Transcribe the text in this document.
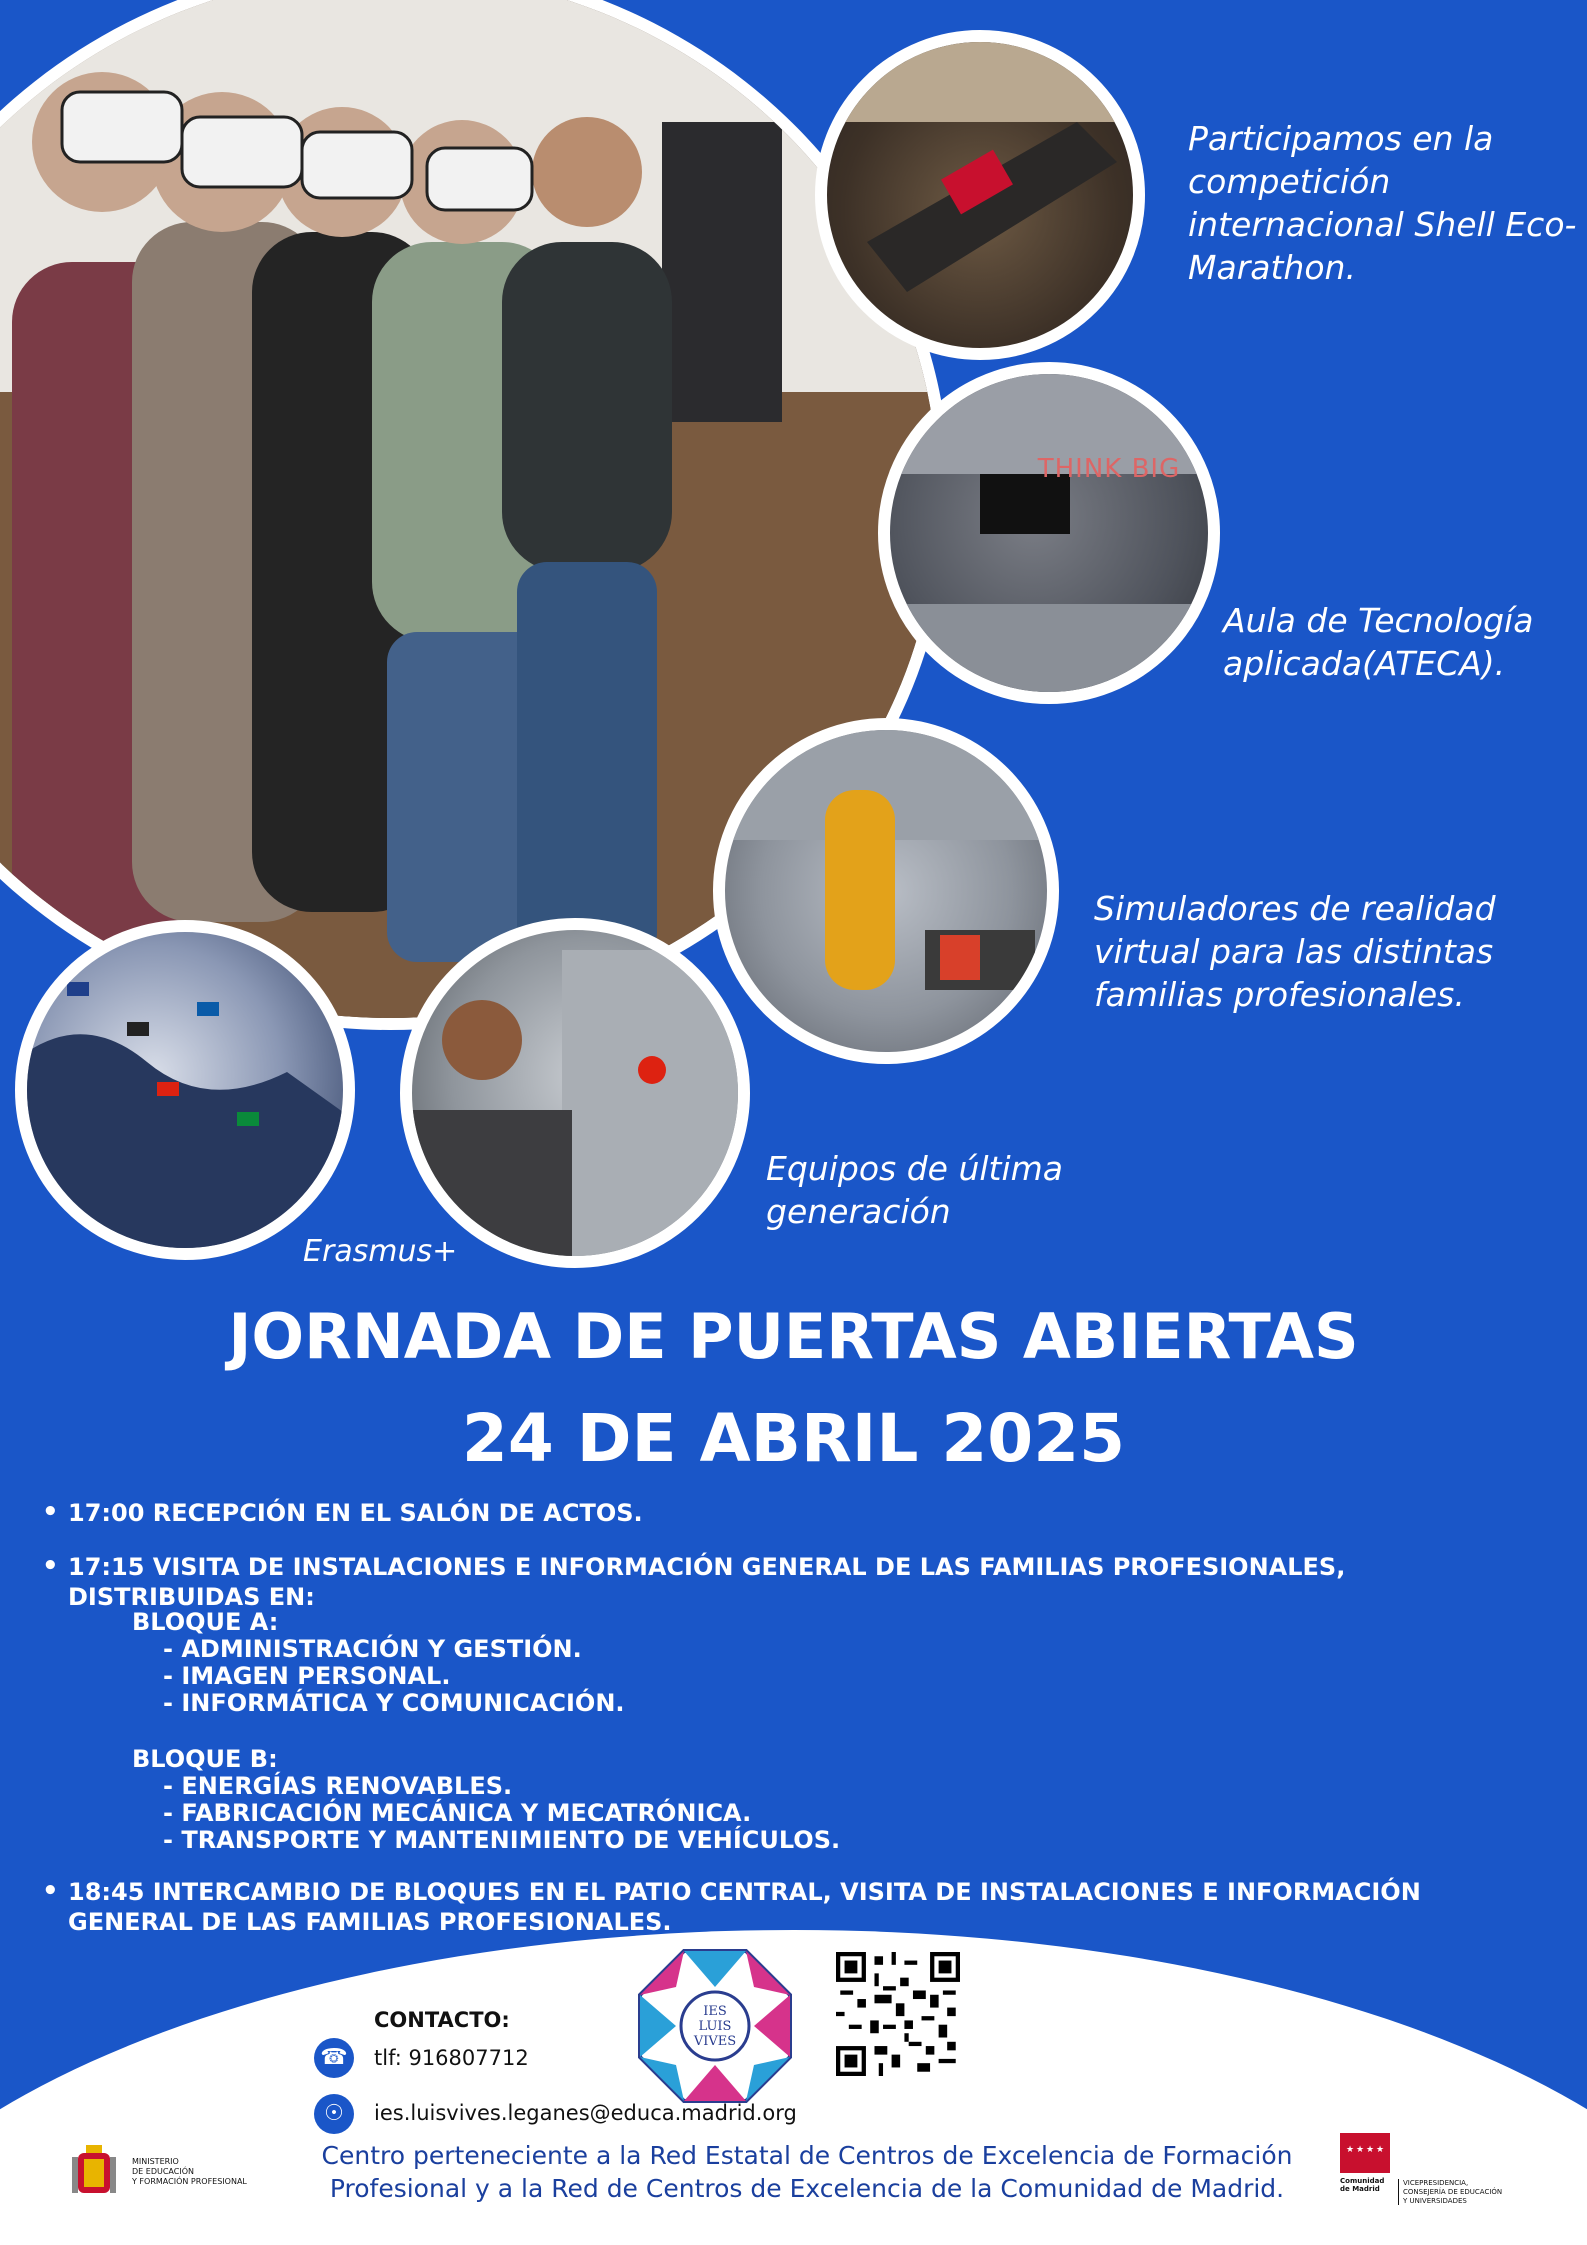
THINK BIG
Participamos en la competición internacional Shell Eco-Marathon.
Aula de Tecnología aplicada(ATECA).
Simuladores de realidad virtual para las distintas familias profesionales.
Equipos de última generación
Erasmus+
JORNADA DE PUERTAS ABIERTAS
24 DE ABRIL 2025
• 17:00 RECEPCIÓN EN EL SALÓN DE ACTOS.
• 17:15 VISITA DE INSTALACIONES E INFORMACIÓN GENERAL DE LAS FAMILIAS PROFESIONALES, DISTRIBUIDAS EN:
BLOQUE A:
- ADMINISTRACIÓN Y GESTIÓN.
- IMAGEN PERSONAL.
- INFORMÁTICA Y COMUNICACIÓN.
BLOQUE B:
- ENERGÍAS RENOVABLES.
- FABRICACIÓN MECÁNICA Y MECATRÓNICA.
- TRANSPORTE Y MANTENIMIENTO DE VEHÍCULOS.
• 18:45 INTERCAMBIO DE BLOQUES EN EL PATIO CENTRAL, VISITA DE INSTALACIONES E INFORMACIÓN GENERAL DE LAS FAMILIAS PROFESIONALES.
CONTACTO:
☎ tlf: 916807712
☉	ies.luisvives.leganes@educa.madrid.org
IES
LUIS
VIVES
Centro perteneciente a la Red Estatal de Centros de Excelencia de Formación Profesional y a la Red de Centros de Excelencia de la Comunidad de Madrid.
MINISTERIO
DE EDUCACIÓN
Y FORMACIÓN PROFESIONAL
★ ★ ★ ★
Comunidad
de Madrid
VICEPRESIDENCIA,
CONSEJERÍA DE EDUCACIÓN
Y UNIVERSIDADES
